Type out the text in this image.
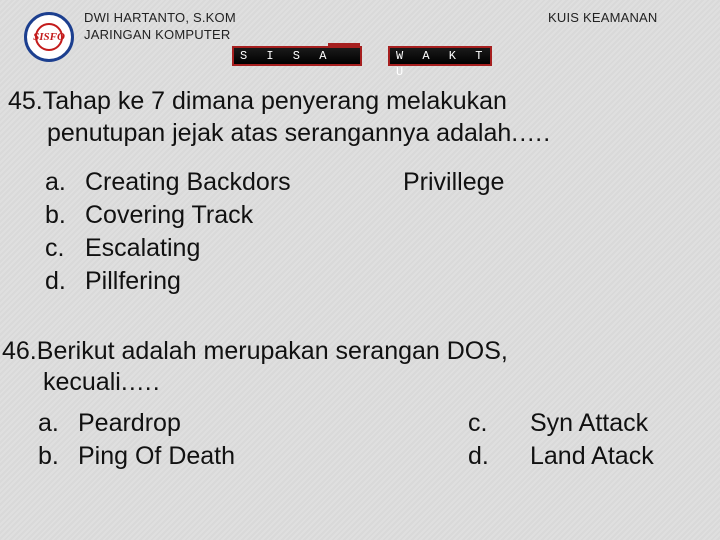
SISFO
DWI HARTANTO, S.KOM
JARINGAN KOMPUTER
KUIS KEAMANAN
S I S A	W A K T U
45.Tahap ke 7 dimana penyerang melakukan
penutupan jejak atas serangannya adalah.….
a. Creating Backdors
b. Covering Track
c. Escalating
d. Pillfering
Privillege
46.Berikut adalah merupakan serangan DOS,
kecuali.….
a. Peardrop
b. Ping Of Death
c. Syn Attack
d. Land Atack
